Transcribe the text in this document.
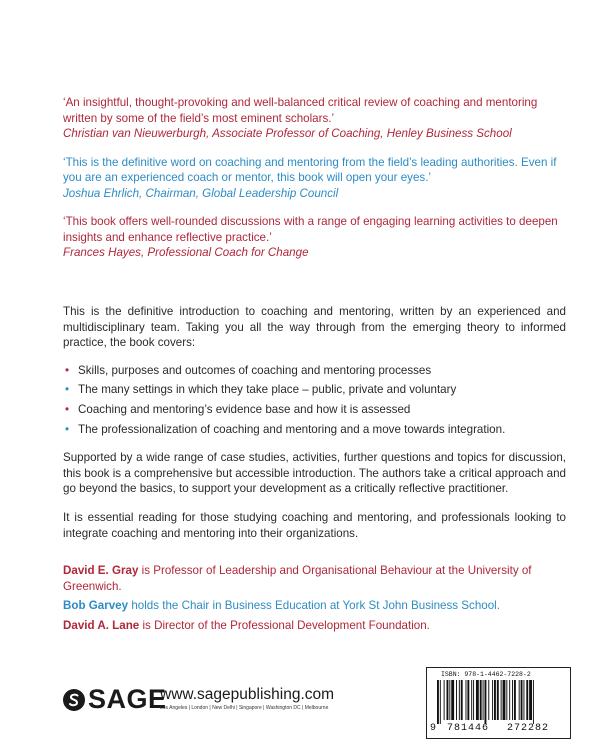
‘An insightful, thought-provoking and well-balanced critical review of coaching and mentoring written by some of the field’s most eminent scholars.’

Christian van Nieuwerburgh, Associate Professor of Coaching, Henley Business School

‘This is the definitive word on coaching and mentoring from the field’s leading authorities. Even if you are an experienced coach or mentor, this book will open your eyes.’

Joshua Ehrlich, Chairman, Global Leadership Council

‘This book offers well-rounded discussions with a range of engaging learning activities to deepen insights and enhance reflective practice.’

Frances Hayes, Professional Coach for Change

This is the definitive introduction to coaching and mentoring, written by an experienced and multidisciplinary team. Taking you all the way through from the emerging theory to informed practice, the book covers:

• Skills, purposes and outcomes of coaching and mentoring processes
• The many settings in which they take place – public, private and voluntary
• Coaching and mentoring’s evidence base and how it is assessed
• The professionalization of coaching and mentoring and a move towards integration.

Supported by a wide range of case studies, activities, further questions and topics for discussion, this book is a comprehensive but accessible introduction. The authors take a critical approach and go beyond the basics, to support your development as a critically reflective practitioner.

It is essential reading for those studying coaching and mentoring, and professionals looking to integrate coaching and mentoring into their organizations.

David E. Gray is Professor of Leadership and Organisational Behaviour at the University of Greenwich.

Bob Garvey holds the Chair in Business Education at York St John Business School.

David A. Lane is Director of the Professional Development Foundation.

SAGE
www.sagepublishing.com
Los Angeles | London | New Delhi | Singapore | Washington DC | Melbourne
ISBN: 978-1-4462-7228-2
9 781446 272282
